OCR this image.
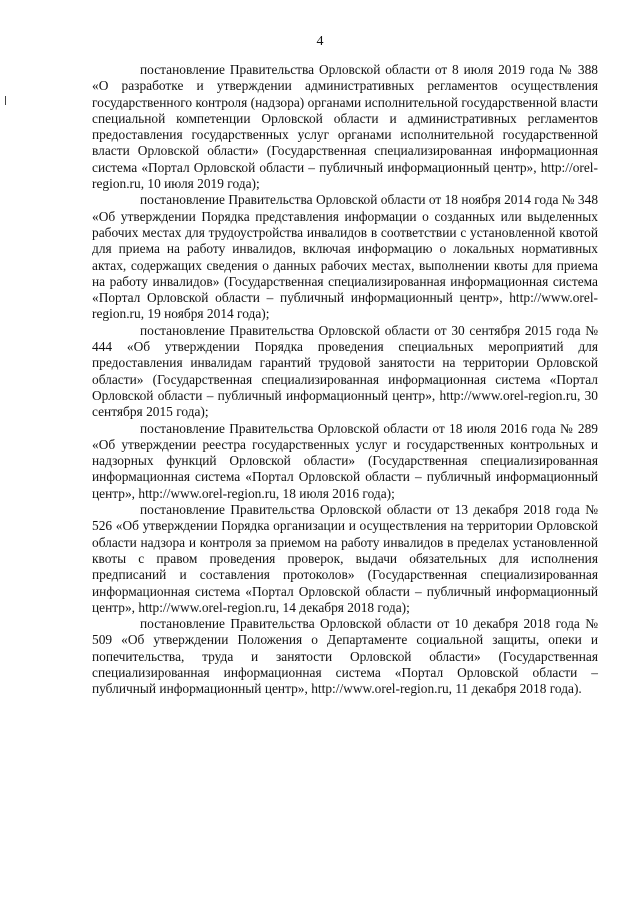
4

постановление Правительства Орловской области от 8 июля 2019 года № 388 «О разработке и утверждении административных регламентов осуществления государственного контроля (надзора) органами исполнительной государственной власти специальной компетенции Орловской области и административных регламентов предоставления государственных услуг органами исполнительной государственной власти Орловской области» (Государственная специализированная информационная система «Портал Орловской области – публичный информационный центр», http://orel-region.ru, 10 июля 2019 года);

постановление Правительства Орловской области от 18 ноября 2014 года № 348 «Об утверждении Порядка представления информации о созданных или выделенных рабочих местах для трудоустройства инвалидов в соответствии с установленной квотой для приема на работу инвалидов, включая информацию о локальных нормативных актах, содержащих сведения о данных рабочих местах, выполнении квоты для приема на работу инвалидов» (Государственная специализированная информационная система «Портал Орловской области – публичный информационный центр», http://www.orel-region.ru, 19 ноября 2014 года);

постановление Правительства Орловской области от 30 сентября 2015 года № 444 «Об утверждении Порядка проведения специальных мероприятий для предоставления инвалидам гарантий трудовой занятости на территории Орловской области» (Государственная специализированная информационная система «Портал Орловской области – публичный информационный центр», http://www.orel-region.ru, 30 сентября 2015 года);

постановление Правительства Орловской области от 18 июля 2016 года № 289 «Об утверждении реестра государственных услуг и государственных контрольных и надзорных функций Орловской области» (Государственная специализированная информационная система «Портал Орловской области – публичный информационный центр», http://www.orel-region.ru, 18 июля 2016 года);

постановление Правительства Орловской области от 13 декабря 2018 года № 526 «Об утверждении Порядка организации и осуществления на территории Орловской области надзора и контроля за приемом на работу инвалидов в пределах установленной квоты с правом проведения проверок, выдачи обязательных для исполнения предписаний и составления протоколов» (Государственная специализированная информационная система «Портал Орловской области – публичный информационный центр», http://www.orel-region.ru, 14 декабря 2018 года);

постановление Правительства Орловской области от 10 декабря 2018 года № 509 «Об утверждении Положения о Департаменте социальной защиты, опеки и попечительства, труда и занятости Орловской области» (Государственная специализированная информационная система «Портал Орловской области – публичный информационный центр», http://www.orel-region.ru, 11 декабря 2018 года).
